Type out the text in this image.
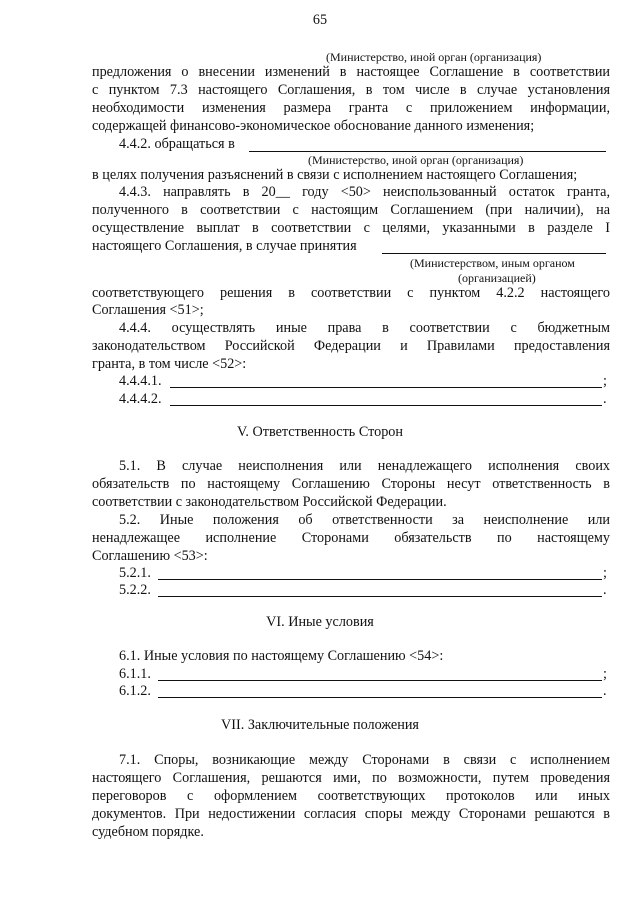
65
(Министерство, иной орган (организация)
предложения о внесении изменений в настоящее Соглашение в соответствии
с пунктом 7.3 настоящего Соглашения, в том числе в случае установления
необходимости изменения размера гранта с приложением информации,
содержащей финансово-экономическое обоснование данного изменения;
4.4.2. обращаться в
(Министерство, иной орган (организация)
в целях получения разъяснений в связи с исполнением настоящего Соглашения;
4.4.3. направлять в 20__ году <50> неиспользованный остаток гранта,
полученного в соответствии с настоящим Соглашением (при наличии), на
осуществление выплат в соответствии с целями, указанными в разделе I
настоящего Соглашения, в случае принятия
(Министерством, иным органом
(организацией)
соответствующего решения в соответствии с пунктом 4.2.2 настоящего
Соглашения <51>;
4.4.4. осуществлять иные права в соответствии с бюджетным
законодательством Российской Федерации и Правилами предоставления
гранта, в том числе <52>:
4.4.4.1.	;
4.4.4.2.	.
V. Ответственность Сторон
5.1. В случае неисполнения или ненадлежащего исполнения своих
обязательств по настоящему Соглашению Стороны несут ответственность в
соответствии с законодательством Российской Федерации.
5.2. Иные положения об ответственности за неисполнение или
ненадлежащее исполнение Сторонами обязательств по настоящему
Соглашению <53>:
5.2.1.	;
5.2.2.	.
VI. Иные условия
6.1. Иные условия по настоящему Соглашению <54>:
6.1.1.	;
6.1.2.	.
VII. Заключительные положения
7.1. Споры, возникающие между Сторонами в связи с исполнением
настоящего Соглашения, решаются ими, по возможности, путем проведения
переговоров с оформлением соответствующих протоколов или иных
документов. При недостижении согласия споры между Сторонами решаются в
судебном порядке.
